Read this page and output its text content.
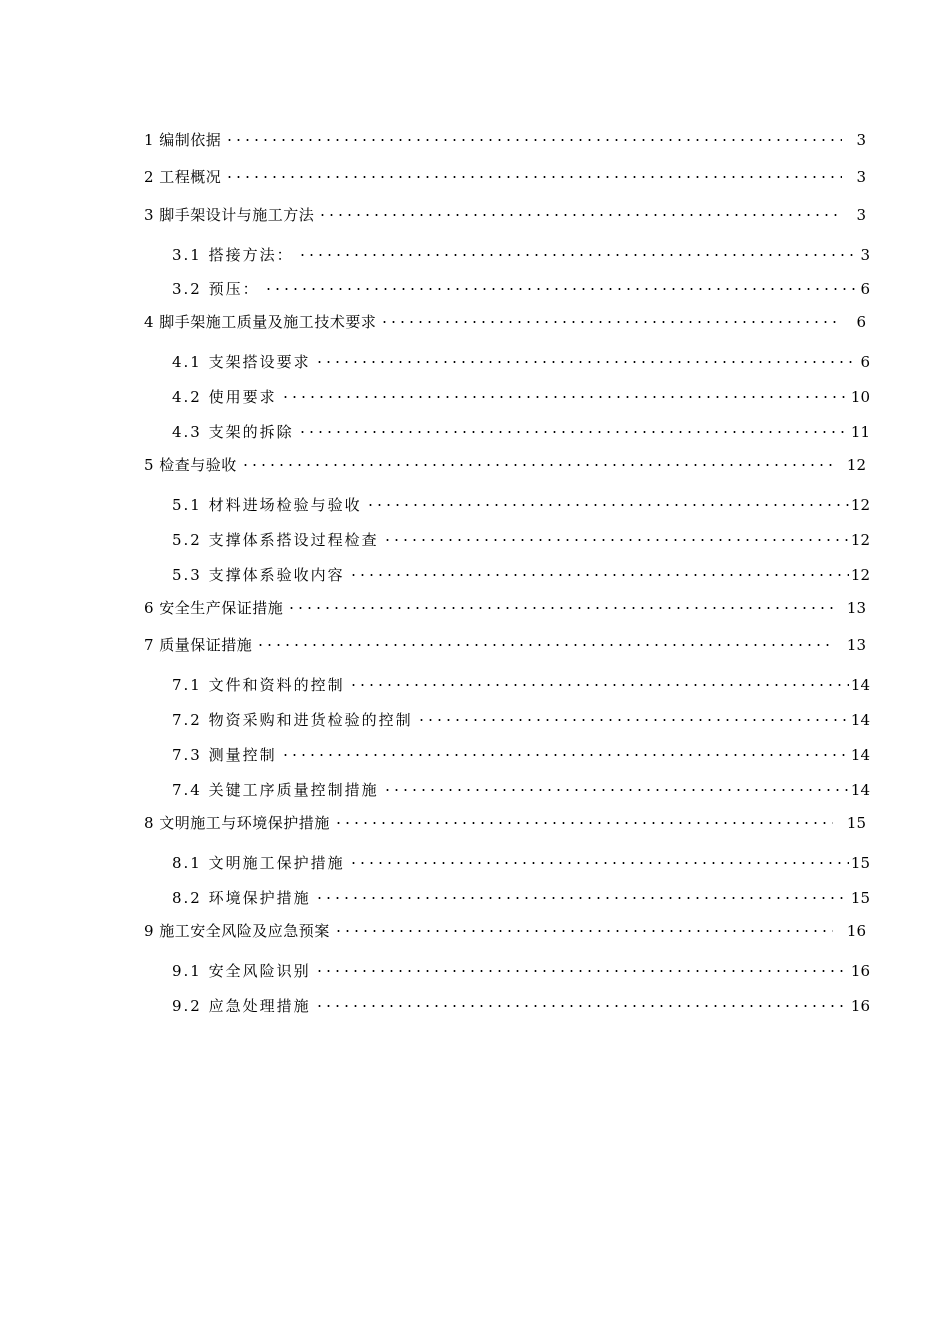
1 编制依据	3
2 工程概况	3
3 脚手架设计与施工方法	3
3.1 搭接方法：	3
3.2 预压：	6
4 脚手架施工质量及施工技术要求	6
4.1 支架搭设要求	6
4.2 使用要求	10
4.3 支架的拆除	11
5 检查与验收	12
5.1 材料进场检验与验收	12
5.2 支撑体系搭设过程检查	12
5.3 支撑体系验收内容	12
6 安全生产保证措施	13
7 质量保证措施	13
7.1 文件和资料的控制	14
7.2 物资采购和进货检验的控制	14
7.3 测量控制	14
7.4 关键工序质量控制措施	14
8 文明施工与环境保护措施	15
8.1 文明施工保护措施	15
8.2 环境保护措施	15
9 施工安全风险及应急预案	16
9.1 安全风险识别	16
9.2 应急处理措施	16
